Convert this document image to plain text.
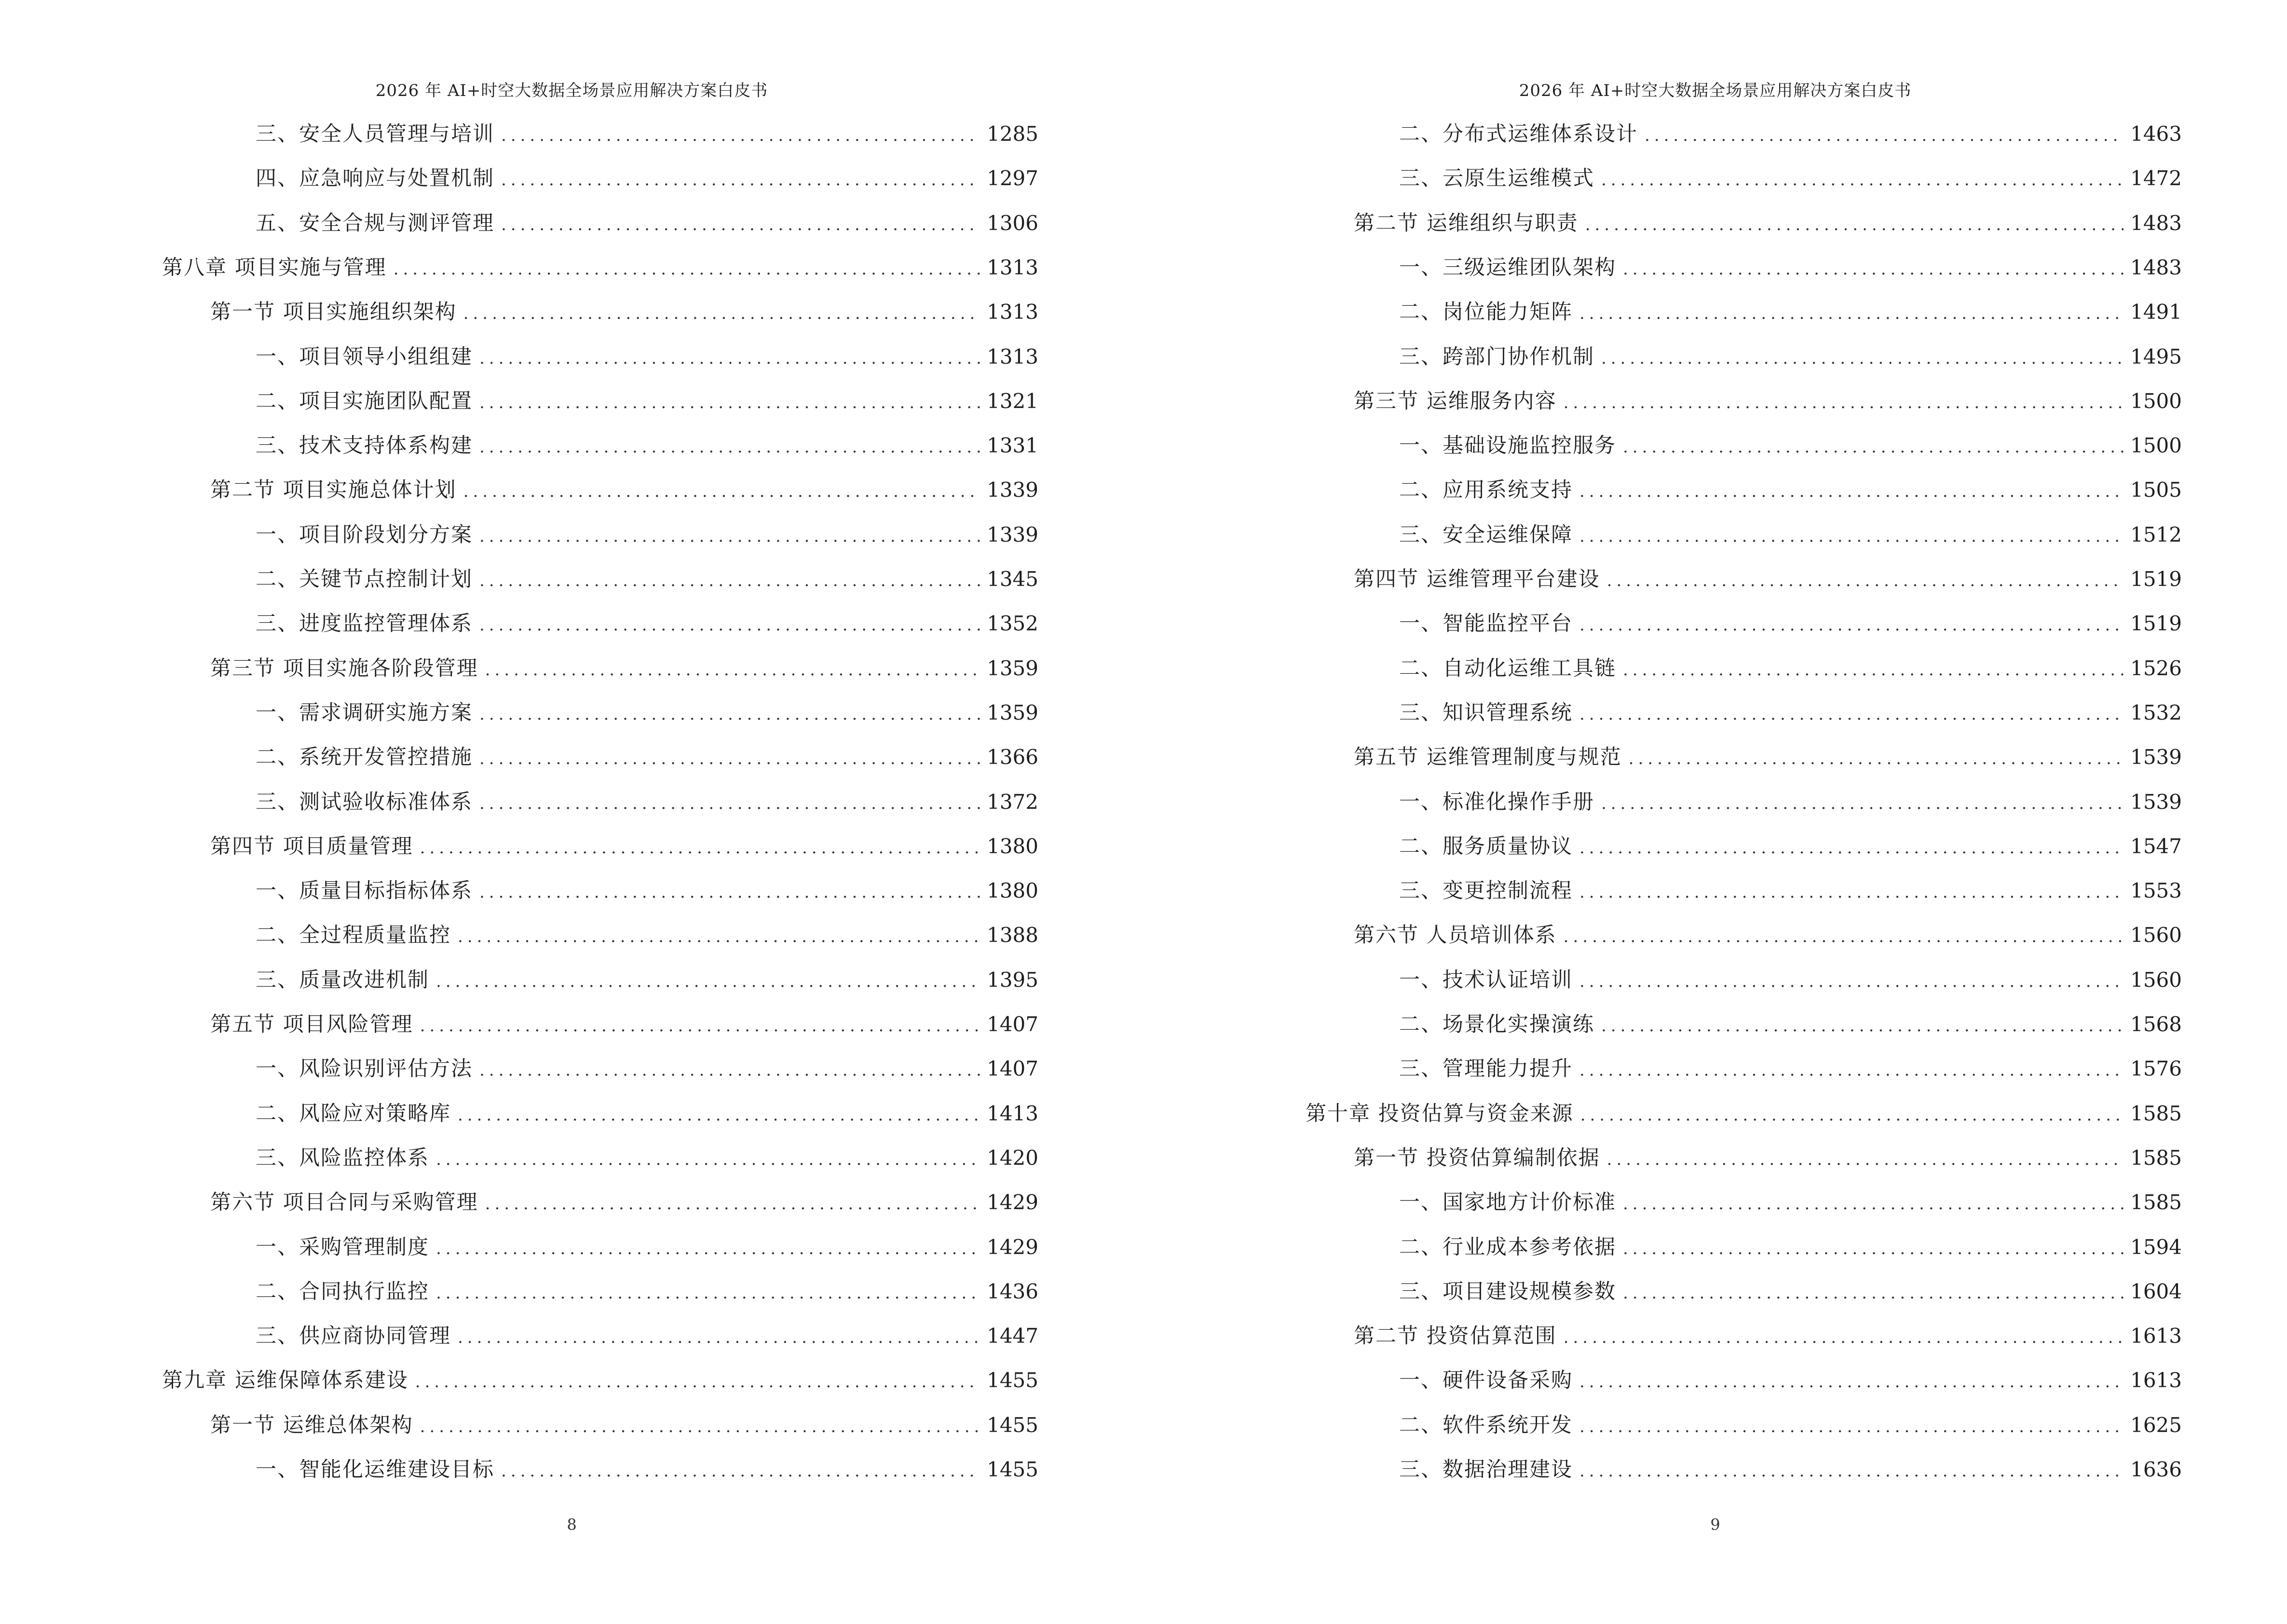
2026 年 AI+时空大数据全场景应用解决方案白皮书
三、安全人员管理与培训 .....	1285
四、应急响应与处置机制 .....	1297
五、安全合规与测评管理 .....	1306
第八章 项目实施与管理 .....	1313
第一节 项目实施组织架构 .....	1313
一、项目领导小组组建 .....	1313
二、项目实施团队配置 .....	1321
三、技术支持体系构建 .....	1331
第二节 项目实施总体计划 .....	1339
一、项目阶段划分方案 .....	1339
二、关键节点控制计划 .....	1345
三、进度监控管理体系 .....	1352
第三节 项目实施各阶段管理 .....	1359
一、需求调研实施方案 .....	1359
二、系统开发管控措施 .....	1366
三、测试验收标准体系 .....	1372
第四节 项目质量管理 .....	1380
一、质量目标指标体系 .....	1380
二、全过程质量监控 .....	1388
三、质量改进机制 .....	1395
第五节 项目风险管理 .....	1407
一、风险识别评估方法 .....	1407
二、风险应对策略库 .....	1413
三、风险监控体系 .....	1420
第六节 项目合同与采购管理 .....	1429
一、采购管理制度 .....	1429
二、合同执行监控 .....	1436
三、供应商协同管理 .....	1447
第九章 运维保障体系建设 .....	1455
第一节 运维总体架构 .....	1455
一、智能化运维建设目标 .....	1455
8
2026 年 AI+时空大数据全场景应用解决方案白皮书
二、分布式运维体系设计 .....	1463
三、云原生运维模式 .....	1472
第二节 运维组织与职责 .....	1483
一、三级运维团队架构 .....	1483
二、岗位能力矩阵 .....	1491
三、跨部门协作机制 .....	1495
第三节 运维服务内容 .....	1500
一、基础设施监控服务 .....	1500
二、应用系统支持 .....	1505
三、安全运维保障 .....	1512
第四节 运维管理平台建设 .....	1519
一、智能监控平台 .....	1519
二、自动化运维工具链 .....	1526
三、知识管理系统 .....	1532
第五节 运维管理制度与规范 .....	1539
一、标准化操作手册 .....	1539
二、服务质量协议 .....	1547
三、变更控制流程 .....	1553
第六节 人员培训体系 .....	1560
一、技术认证培训 .....	1560
二、场景化实操演练 .....	1568
三、管理能力提升 .....	1576
第十章 投资估算与资金来源 .....	1585
第一节 投资估算编制依据 .....	1585
一、国家地方计价标准 .....	1585
二、行业成本参考依据 .....	1594
三、项目建设规模参数 .....	1604
第二节 投资估算范围 .....	1613
一、硬件设备采购 .....	1613
二、软件系统开发 .....	1625
三、数据治理建设 .....	1636
9
